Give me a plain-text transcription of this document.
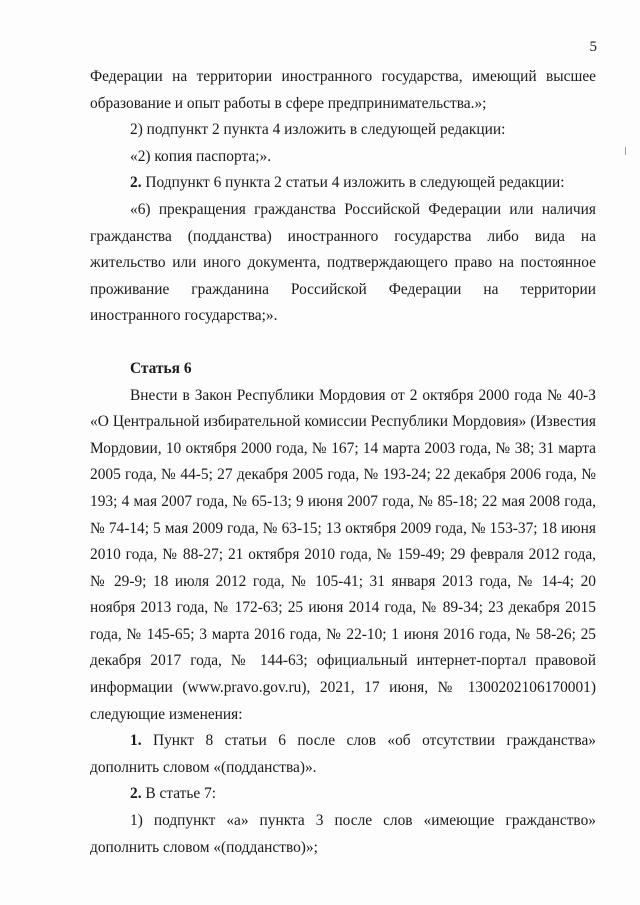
5

Федерации на территории иностранного государства, имеющий высшее образование и опыт работы в сфере предпринимательства.»;

2) подпункт 2 пункта 4 изложить в следующей редакции:

«2) копия паспорта;».

2. Подпункт 6 пункта 2 статьи 4 изложить в следующей редакции:

«6) прекращения гражданства Российской Федерации или наличия гражданства (подданства) иностранного государства либо вида на жительство или иного документа, подтверждающего право на постоянное проживание гражданина Российской Федерации на территории иностранного государства;».

Статья 6

Внести в Закон Республики Мордовия от 2 октября 2000 года № 40-З «О Центральной избирательной комиссии Республики Мордовия» (Известия Мордовии, 10 октября 2000 года, № 167; 14 марта 2003 года, № 38; 31 марта 2005 года, № 44-5; 27 декабря 2005 года, № 193-24; 22 декабря 2006 года, № 193; 4 мая 2007 года, № 65-13; 9 июня 2007 года, № 85-18; 22 мая 2008 года, № 74-14; 5 мая 2009 года, № 63-15; 13 октября 2009 года, № 153-37; 18 июня 2010 года, № 88-27; 21 октября 2010 года, № 159-49; 29 февраля 2012 года, № 29-9; 18 июля 2012 года, № 105-41; 31 января 2013 года, № 14-4; 20 ноября 2013 года, № 172-63; 25 июня 2014 года, № 89-34; 23 декабря 2015 года, № 145-65; 3 марта 2016 года, № 22-10; 1 июня 2016 года, № 58-26; 25 декабря 2017 года, № 144-63; официальный интернет-портал правовой информации (www.pravo.gov.ru), 2021, 17 июня, № 1300202106170001)

следующие изменения:

1. Пункт 8 статьи 6 после слов «об отсутствии гражданства» дополнить словом «(подданства)».

2. В статье 7:

1) подпункт «а» пункта 3 после слов «имеющие гражданство» дополнить словом «(подданство)»;
